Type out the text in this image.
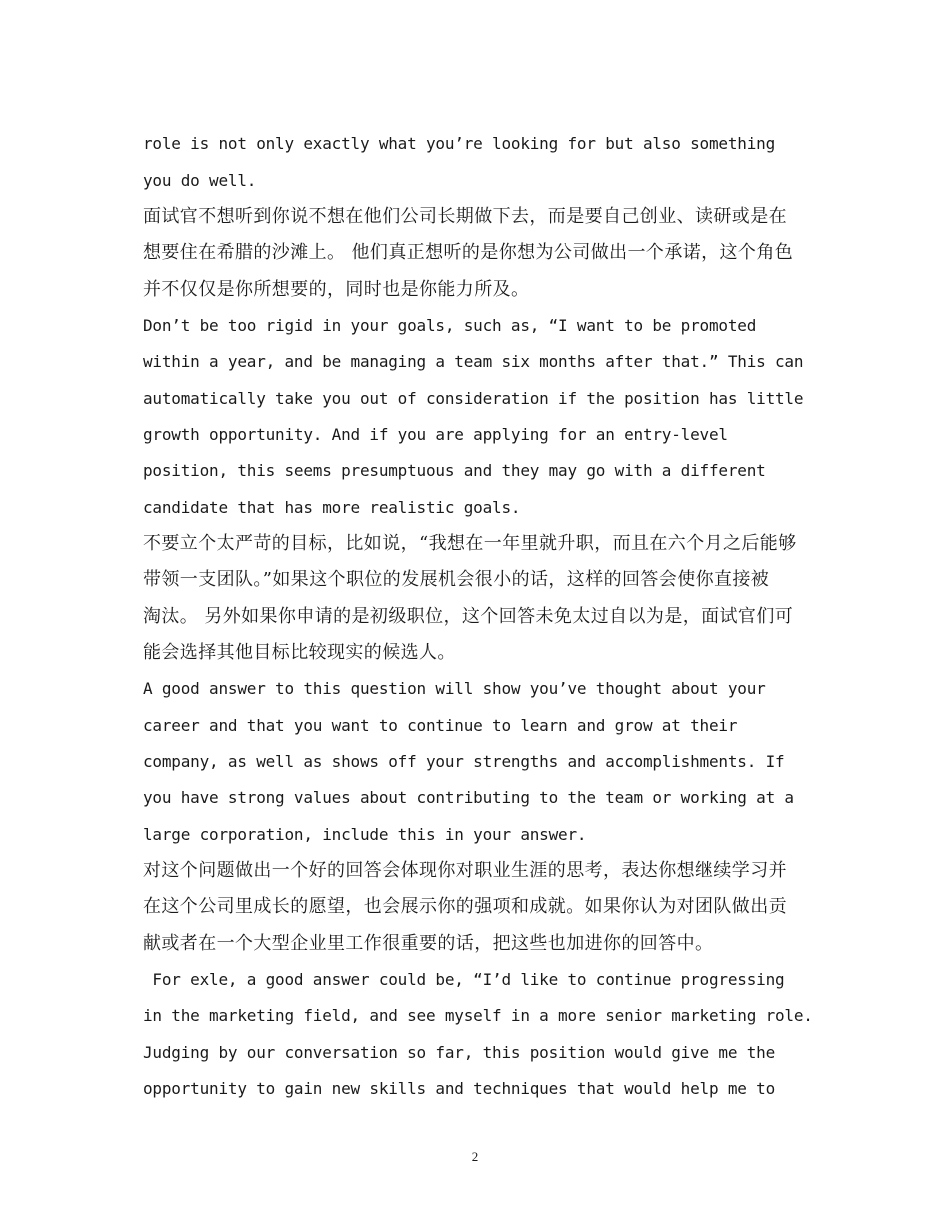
role is not only exactly what you’re looking for but also something
you do well.
面试官不想听到你说不想在他们公司长期做下去，而是要自己创业、读研或是在
想要住在希腊的沙滩上。 他们真正想听的是你想为公司做出一个承诺，这个角色
并不仅仅是你所想要的，同时也是你能力所及。
Don’t be too rigid in your goals, such as, “I want to be promoted
within a year, and be managing a team six months after that.” This can
automatically take you out of consideration if the position has little
growth opportunity. And if you are applying for an entry-level
position, this seems presumptuous and they may go with a different
candidate that has more realistic goals.
不要立个太严苛的目标，比如说，“我想在一年里就升职，而且在六个月之后能够
带领一支团队。”如果这个职位的发展机会很小的话，这样的回答会使你直接被
淘汰。 另外如果你申请的是初级职位，这个回答未免太过自以为是，面试官们可
能会选择其他目标比较现实的候选人。
A good answer to this question will show you’ve thought about your
career and that you want to continue to learn and grow at their
company, as well as shows off your strengths and accomplishments. If
you have strong values about contributing to the team or working at a
large corporation, include this in your answer.
对这个问题做出一个好的回答会体现你对职业生涯的思考，表达你想继续学习并
在这个公司里成长的愿望，也会展示你的强项和成就。如果你认为对团队做出贡
献或者在一个大型企业里工作很重要的话，把这些也加进你的回答中。
For exle, a good answer could be, “I’d like to continue progressing
in the marketing field, and see myself in a more senior marketing role.
Judging by our conversation so far, this position would give me the
opportunity to gain new skills and techniques that would help me to
2
